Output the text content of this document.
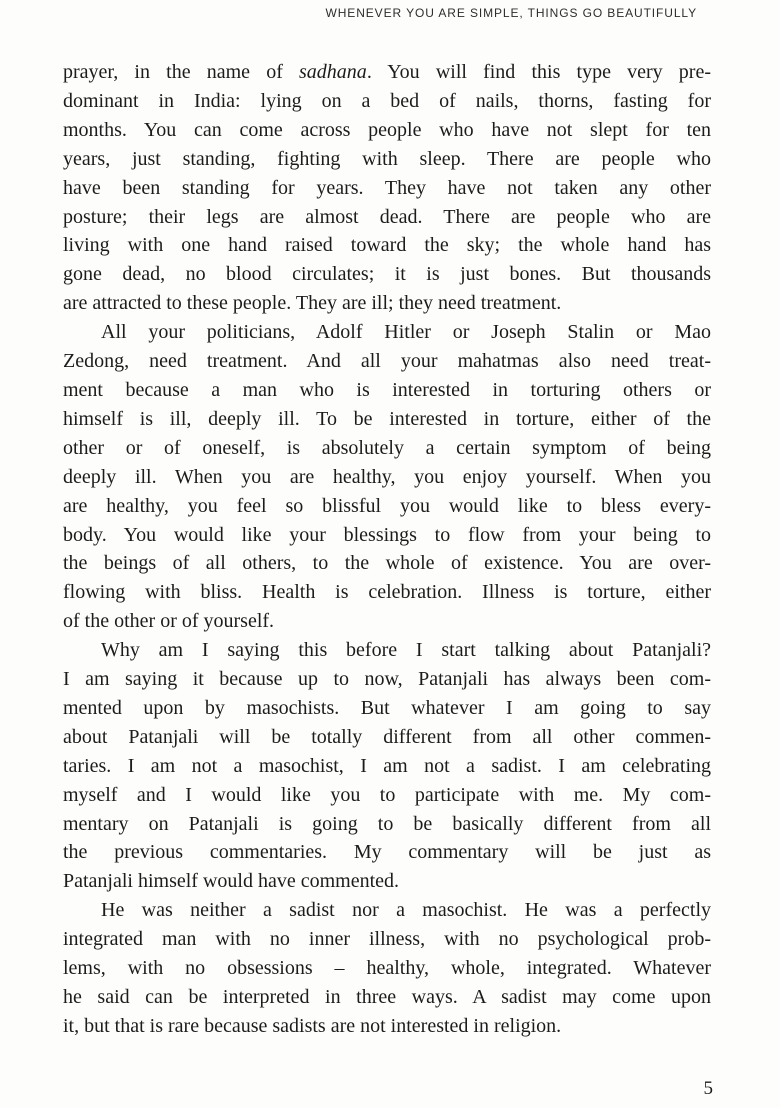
WHENEVER YOU ARE SIMPLE, THINGS GO BEAUTIFULLY
prayer, in the name of sadhana. You will find this type very pre-
dominant in India: lying on a bed of nails, thorns, fasting for
months. You can come across people who have not slept for ten
years, just standing, fighting with sleep. There are people who
have been standing for years. They have not taken any other
posture; their legs are almost dead. There are people who are
living with one hand raised toward the sky; the whole hand has
gone dead, no blood circulates; it is just bones. But thousands
are attracted to these people. They are ill; they need treatment.
All your politicians, Adolf Hitler or Joseph Stalin or Mao
Zedong, need treatment. And all your mahatmas also need treat-
ment because a man who is interested in torturing others or
himself is ill, deeply ill. To be interested in torture, either of the
other or of oneself, is absolutely a certain symptom of being
deeply ill. When you are healthy, you enjoy yourself. When you
are healthy, you feel so blissful you would like to bless every-
body. You would like your blessings to flow from your being to
the beings of all others, to the whole of existence. You are over-
flowing with bliss. Health is celebration. Illness is torture, either
of the other or of yourself.
Why am I saying this before I start talking about Patanjali?
I am saying it because up to now, Patanjali has always been com-
mented upon by masochists. But whatever I am going to say
about Patanjali will be totally different from all other commen-
taries. I am not a masochist, I am not a sadist. I am celebrating
myself and I would like you to participate with me. My com-
mentary on Patanjali is going to be basically different from all
the previous commentaries. My commentary will be just as
Patanjali himself would have commented.
He was neither a sadist nor a masochist. He was a perfectly
integrated man with no inner illness, with no psychological prob-
lems, with no obsessions – healthy, whole, integrated. Whatever
he said can be interpreted in three ways. A sadist may come upon
it, but that is rare because sadists are not interested in religion.
5
